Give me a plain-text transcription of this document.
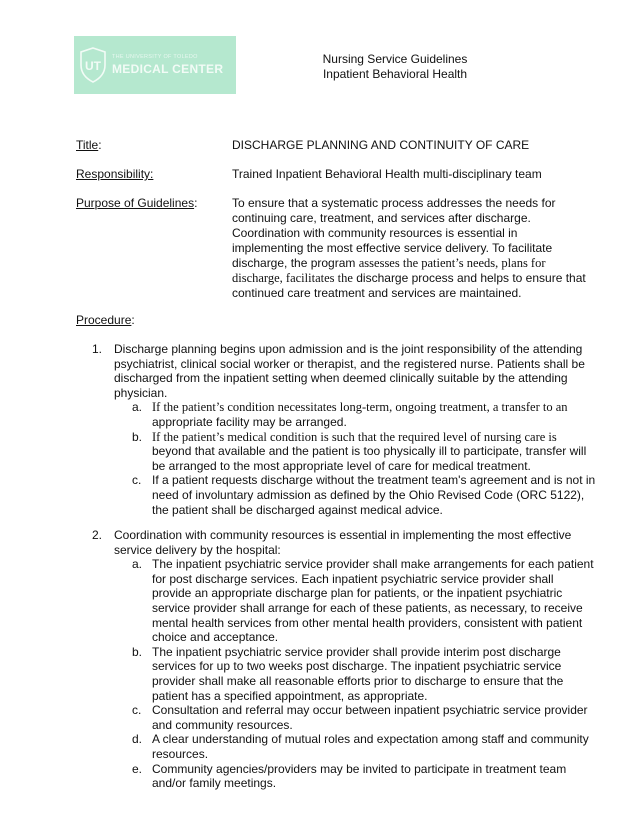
UT
THE UNIVERSITY OF TOLEDO
MEDICAL CENTER
Nursing Service Guidelines
Inpatient Behavioral Health
Title:	DISCHARGE PLANNING AND CONTINUITY OF CARE
Responsibility:	Trained Inpatient Behavioral Health multi-disciplinary team
Purpose of Guidelines:	To ensure that a systematic process addresses the needs for continuing care, treatment, and services after discharge. Coordination with community resources is essential in implementing the most effective service delivery. To facilitate discharge, the program assesses the patient’s needs, plans for discharge, facilitates the discharge process and helps to ensure that continued care treatment and services are maintained.
Procedure:
1. Discharge planning begins upon admission and is the joint responsibility of the attending psychiatrist, clinical social worker or therapist, and the registered nurse. Patients shall be discharged from the inpatient setting when deemed clinically suitable by the attending physician.
a. If the patient’s condition necessitates long-term, ongoing treatment, a transfer to an appropriate facility may be arranged.
b. If the patient’s medical condition is such that the required level of nursing care is beyond that available and the patient is too physically ill to participate, transfer will be arranged to the most appropriate level of care for medical treatment.
c. If a patient requests discharge without the treatment team's agreement and is not in need of involuntary admission as defined by the Ohio Revised Code (ORC 5122), the patient shall be discharged against medical advice.
2. Coordination with community resources is essential in implementing the most effective service delivery by the hospital:
a. The inpatient psychiatric service provider shall make arrangements for each patient for post discharge services. Each inpatient psychiatric service provider shall provide an appropriate discharge plan for patients, or the inpatient psychiatric service provider shall arrange for each of these patients, as necessary, to receive mental health services from other mental health providers, consistent with patient choice and acceptance.
b. The inpatient psychiatric service provider shall provide interim post discharge services for up to two weeks post discharge. The inpatient psychiatric service provider shall make all reasonable efforts prior to discharge to ensure that the patient has a specified appointment, as appropriate.
c. Consultation and referral may occur between inpatient psychiatric service provider and community resources.
d. A clear understanding of mutual roles and expectation among staff and community resources.
e. Community agencies/providers may be invited to participate in treatment team and/or family meetings.
